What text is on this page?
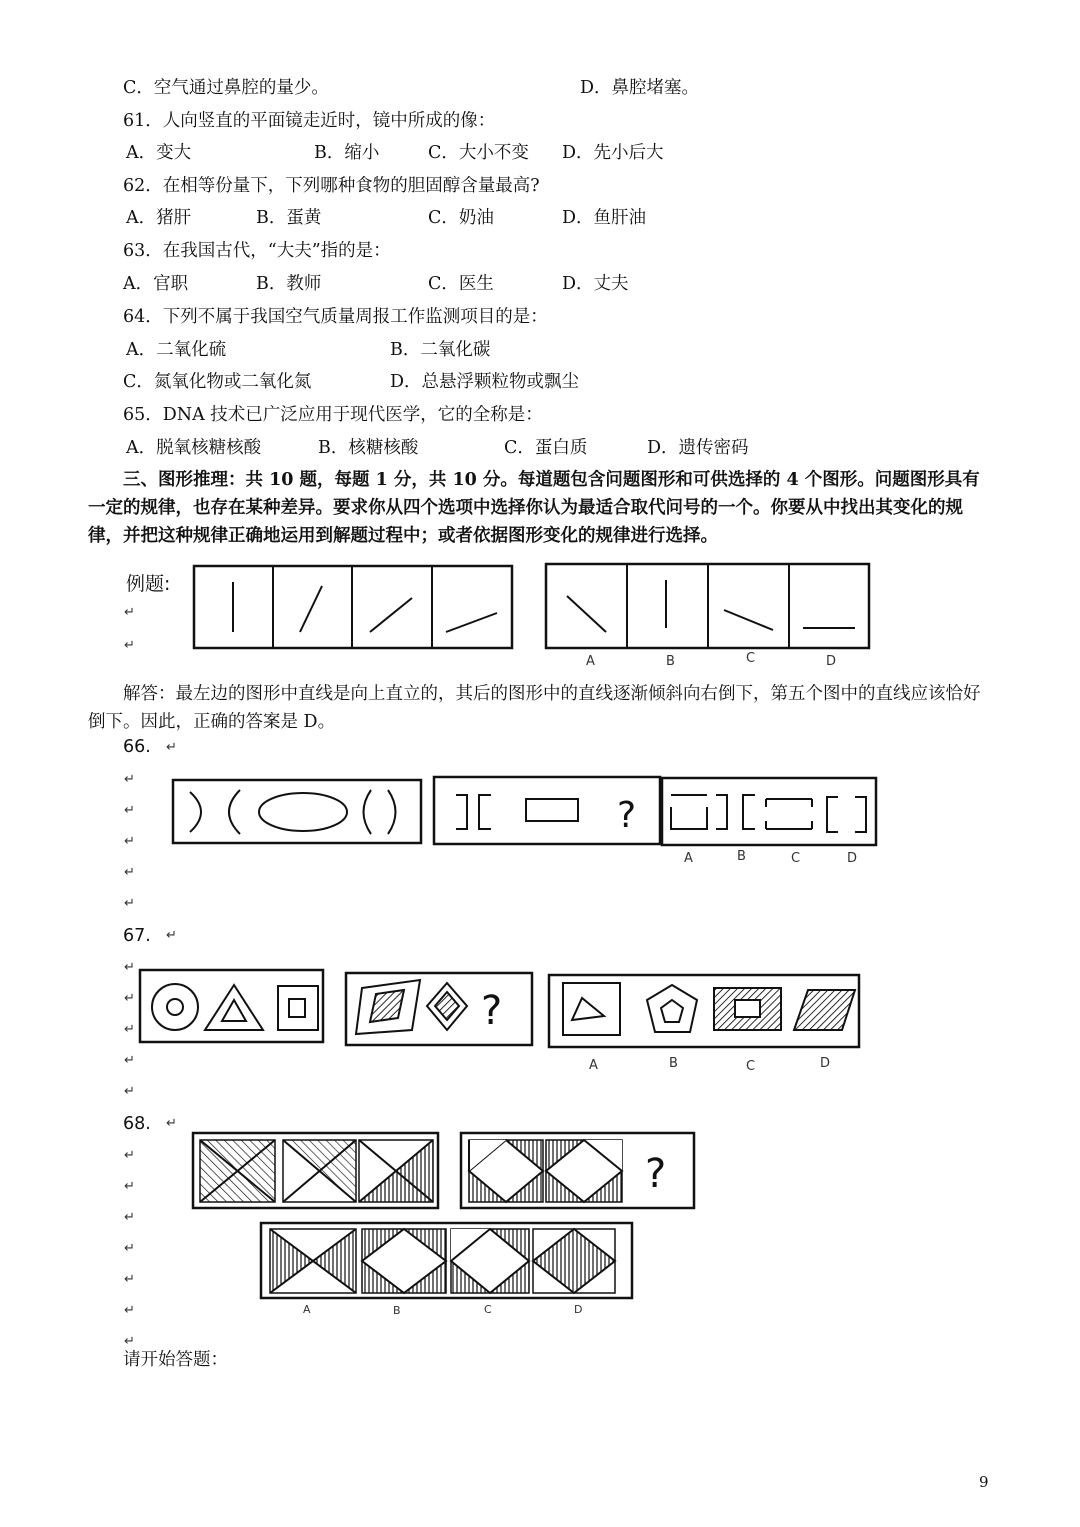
C．空气通过鼻腔的量少。	D．鼻腔堵塞。
61．人向竖直的平面镜走近时，镜中所成的像：
A．变大	B．缩小	C．大小不变 D．先小后大
62．在相等份量下，下列哪种食物的胆固醇含量最高?
A．猪肝	B．蛋黄	C．奶油	D．鱼肝油
63．在我国古代，“大夫”指的是：
A．官职	B．教师	C．医生	D．丈夫
64．下列不属于我国空气质量周报工作监测项目的是：
A．二氧化硫	B．二氧化碳
C．氮氧化物或二氧化氮	D．总悬浮颗粒物或飘尘
65．DNA 技术已广泛应用于现代医学，它的全称是：
A．脱氧核糖核酸	B．核糖核酸	C．蛋白质	D．遗传密码
三、图形推理：共 10 题，每题 1 分，共 10 分。每道题包含问题图形和可供选择的 4 个图形。问题图形具有一定的规律，也存在某种差异。要求你从四个选项中选择你认为最适合取代问号的一个。你要从中找出其变化的规律，并把这种规律正确地运用到解题过程中；或者依据图形变化的规律进行选择。
例题:
↵
↵
A	B	C	D
解答：最左边的图形中直线是向上直立的，其后的图形中的直线逐渐倾斜向右倒下，第五个图中的直线应该恰好倒下。因此，正确的答案是 D。
66. ↵
↵
↵
↵
↵
↵
?
A	B	C	D
67. ↵
↵
↵
↵
↵
↵
?
A	B	C	D
68. ↵
↵
↵
↵
↵
↵
↵
↵
?
A	B	C	D
请开始答题：
9
